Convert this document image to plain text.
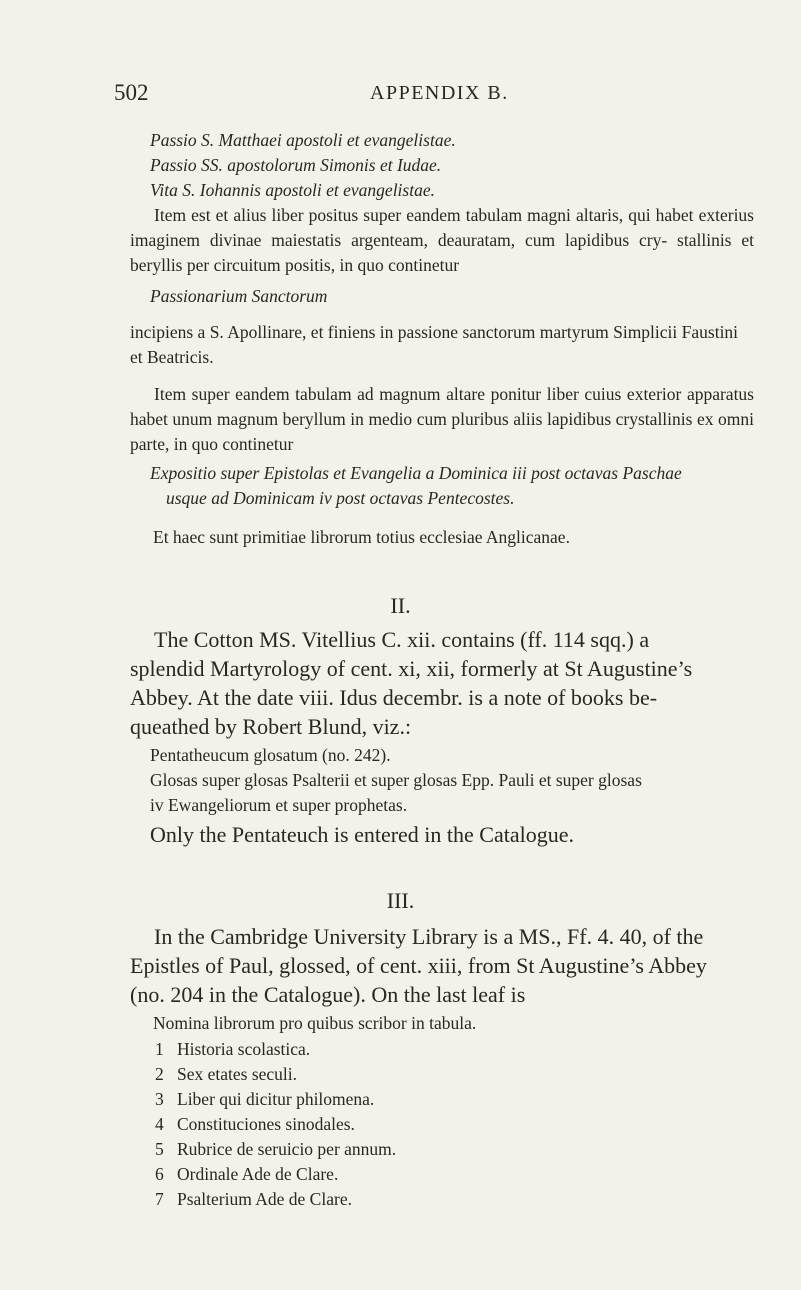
502	APPENDIX B.

Passio S. Matthaei apostoli et evangelistae.

Passio SS. apostolorum Simonis et Iudae.

Vita S. Iohannis apostoli et evangelistae.

Item est et alius liber positus super eandem tabulam magni altaris, qui habet exterius imaginem divinae maiestatis argenteam, deauratam, cum lapidibus cry- stallinis et beryllis per circuitum positis, in quo continetur

Passionarium Sanctorum

incipiens a S. Apollinare, et finiens in passione sanctorum martyrum Simplicii Faustini et Beatricis.

Item super eandem tabulam ad magnum altare ponitur liber cuius exterior apparatus habet unum magnum beryllum in medio cum pluribus aliis lapidibus crystallinis ex omni parte, in quo continetur

Expositio super Epistolas et Evangelia a Dominica iii post octavas Paschae

usque ad Dominicam iv post octavas Pentecostes.

Et haec sunt primitiae librorum totius ecclesiae Anglicanae.

II.

The Cotton MS. Vitellius C. xii. contains (ff. 114 sqq.) a

splendid Martyrology of cent. xi, xii, formerly at St Augustine’s

Abbey. At the date viii. Idus decembr. is a note of books be-

queathed by Robert Blund, viz.:

Pentatheucum glosatum (no. 242).

Glosas super glosas Psalterii et super glosas Epp. Pauli et super glosas

iv Ewangeliorum et super prophetas.

Only the Pentateuch is entered in the Catalogue.

III.

In the Cambridge University Library is a MS., Ff. 4. 40, of the

Epistles of Paul, glossed, of cent. xiii, from St Augustine’s Abbey

(no. 204 in the Catalogue). On the last leaf is

Nomina librorum pro quibus scribor in tabula.

1 Historia scolastica.
2 Sex etates seculi.
3 Liber qui dicitur philomena.
4 Constituciones sinodales.
5 Rubrice de seruicio per annum.
6 Ordinale Ade de Clare.
7 Psalterium Ade de Clare.
